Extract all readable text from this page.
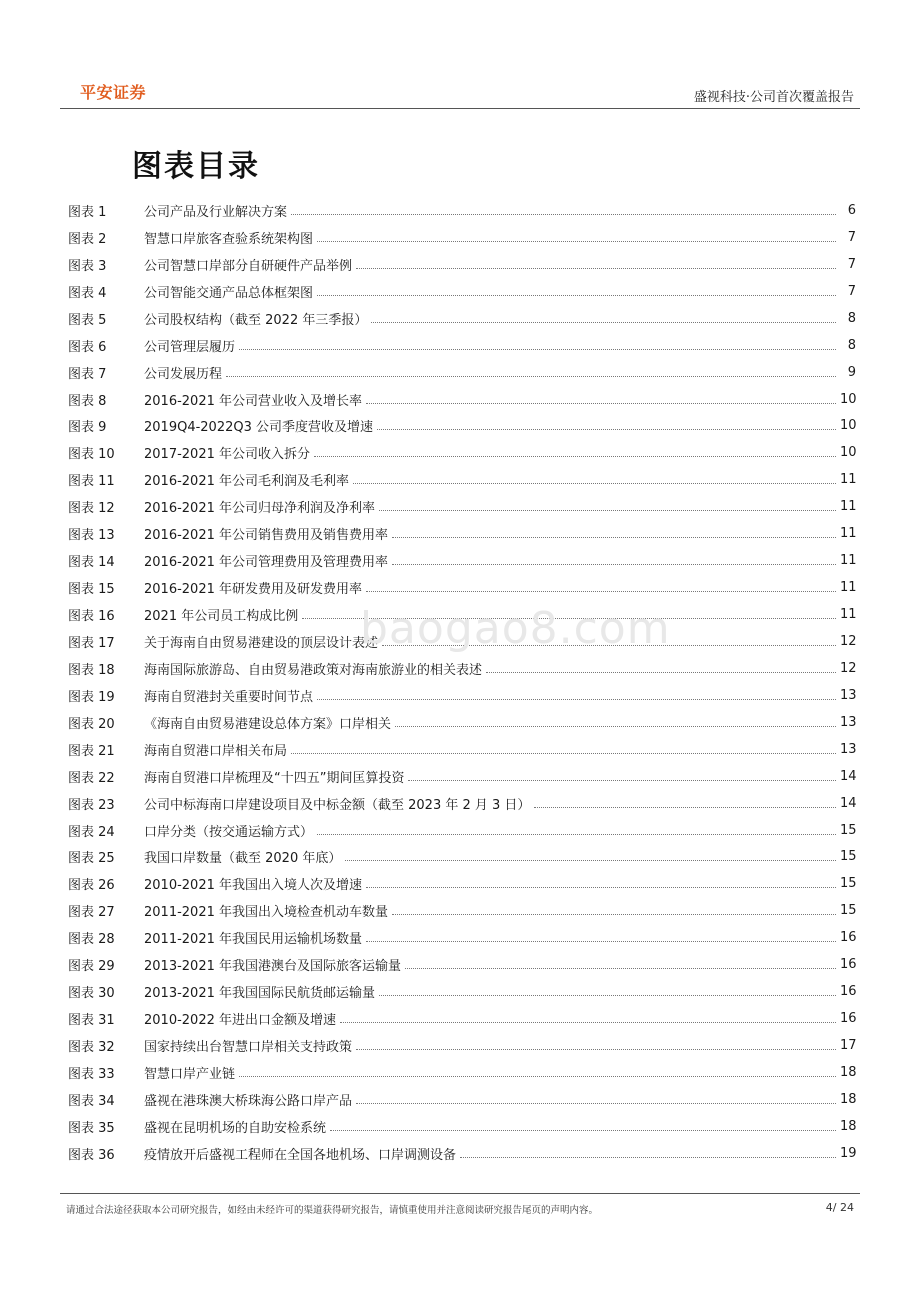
平安证券	盛视科技·公司首次覆盖报告
图表目录
图表 1	公司产品及行业解决方案	6
图表 2	智慧口岸旅客查验系统架构图	7
图表 3	公司智慧口岸部分自研硬件产品举例	7
图表 4	公司智能交通产品总体框架图	7
图表 5	公司股权结构（截至 2022 年三季报）	8
图表 6	公司管理层履历	8
图表 7	公司发展历程	9
图表 8	2016-2021 年公司营业收入及增长率	10
图表 9	2019Q4-2022Q3 公司季度营收及增速	10
图表 10	2017-2021 年公司收入拆分	10
图表 11	2016-2021 年公司毛利润及毛利率	11
图表 12	2016-2021 年公司归母净利润及净利率	11
图表 13	2016-2021 年公司销售费用及销售费用率	11
图表 14	2016-2021 年公司管理费用及管理费用率	11
图表 15	2016-2021 年研发费用及研发费用率	11
图表 16	2021 年公司员工构成比例	11
图表 17	关于海南自由贸易港建设的顶层设计表述	12
图表 18	海南国际旅游岛、自由贸易港政策对海南旅游业的相关表述	12
图表 19	海南自贸港封关重要时间节点	13
图表 20	《海南自由贸易港建设总体方案》口岸相关	13
图表 21	海南自贸港口岸相关布局	13
图表 22	海南自贸港口岸梳理及“十四五”期间匡算投资	14
图表 23	公司中标海南口岸建设项目及中标金额（截至 2023 年 2 月 3 日）	14
图表 24	口岸分类（按交通运输方式）	15
图表 25	我国口岸数量（截至 2020 年底）	15
图表 26	2010-2021 年我国出入境人次及增速	15
图表 27	2011-2021 年我国出入境检查机动车数量	15
图表 28	2011-2021 年我国民用运输机场数量	16
图表 29	2013-2021 年我国港澳台及国际旅客运输量	16
图表 30	2013-2021 年我国国际民航货邮运输量	16
图表 31	2010-2022 年进出口金额及增速	16
图表 32	国家持续出台智慧口岸相关支持政策	17
图表 33	智慧口岸产业链	18
图表 34	盛视在港珠澳大桥珠海公路口岸产品	18
图表 35	盛视在昆明机场的自助安检系统	18
图表 36	疫情放开后盛视工程师在全国各地机场、口岸调测设备	19
baogao8.com
请通过合法途径获取本公司研究报告，如经由未经许可的渠道获得研究报告，请慎重使用并注意阅读研究报告尾页的声明内容。	4/ 24
